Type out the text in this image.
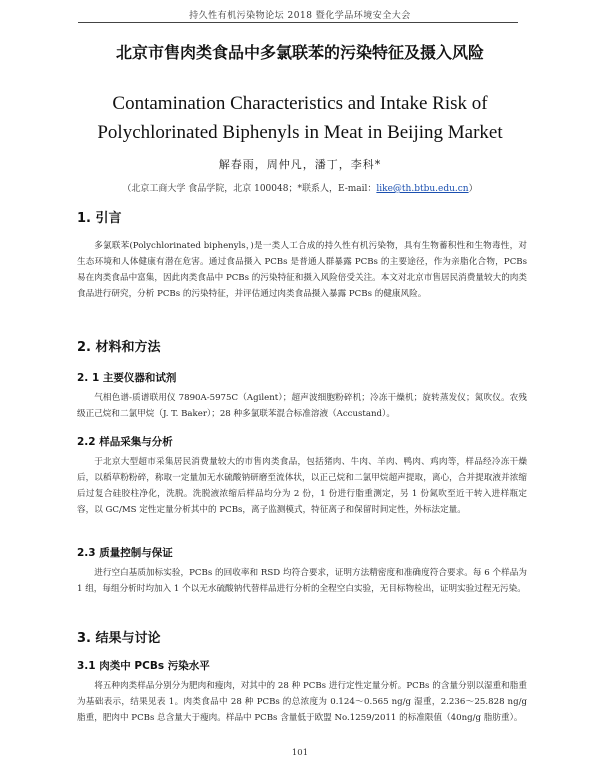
持久性有机污染物论坛 2018 暨化学品环境安全大会
北京市售肉类食品中多氯联苯的污染特征及摄入风险
Contamination Characteristics and Intake Risk of
Polychlorinated Biphenyls in Meat in Beijing Market
解春雨，周仲凡，潘丁，李科*
（北京工商大学 食品学院，北京 100048；*联系人，E-mail：like@th.btbu.edu.cn）
1. 引言

多氯联苯(Polychlorinated biphenyls，)是一类人工合成的持久性有机污染物，具有生物蓄积性和生物毒性，对生态环境和人体健康有潜在危害。通过食品摄入 PCBs 是普通人群暴露 PCBs 的主要途径，作为亲脂化合物，PCBs 易在肉类食品中富集，因此肉类食品中 PCBs 的污染特征和摄入风险倍受关注。本文对北京市售居民消费量较大的肉类食品进行研究，分析 PCBs 的污染特征，并评估通过肉类食品摄入暴露 PCBs 的健康风险。

2. 材料和方法
2. 1 主要仪器和试剂

气相色谱-质谱联用仪 7890A-5975C（Agilent）；超声波细胞粉碎机；冷冻干燥机；旋转蒸发仪；氮吹仪。农残级正己烷和二氯甲烷（J. T. Baker）；28 种多氯联苯混合标准溶液（Accustand）。

2.2 样品采集与分析

于北京大型超市采集居民消费量较大的市售肉类食品，包括猪肉、牛肉、羊肉、鸭肉、鸡肉等，样品经冷冻干燥后，以稻草粉粉碎，称取一定量加无水硫酸钠研磨至流体状，以正己烷和二氯甲烷超声提取，离心，合并提取液并浓缩后过复合硅胶柱净化，洗脱。洗脱液浓缩后样品均分为 2 份，1 份进行脂重测定，另 1 份氮吹至近干转入进样瓶定容，以 GC/MS 定性定量分析其中的 PCBs，离子监测模式，特征离子和保留时间定性，外标法定量。

2.3 质量控制与保证

进行空白基质加标实验，PCBs 的回收率和 RSD 均符合要求，证明方法精密度和准确度符合要求。每 6 个样品为 1 组，每组分析时均加入 1 个以无水硫酸钠代替样品进行分析的全程空白实验，无目标物检出，证明实验过程无污染。

3. 结果与讨论
3.1 肉类中 PCBs 污染水平

将五种肉类样品分别分为肥肉和瘦肉，对其中的 28 种 PCBs 进行定性定量分析。PCBs 的含量分别以湿重和脂重为基础表示，结果见表 1。肉类食品中 28 种 PCBs 的总浓度为 0.124～0.565 ng/g 湿重，2.236～25.828 ng/g 脂重，肥肉中 PCBs 总含量大于瘦肉。样品中 PCBs 含量低于欧盟 No.1259/2011 的标准限值（40ng/g 脂肪重）。

101
